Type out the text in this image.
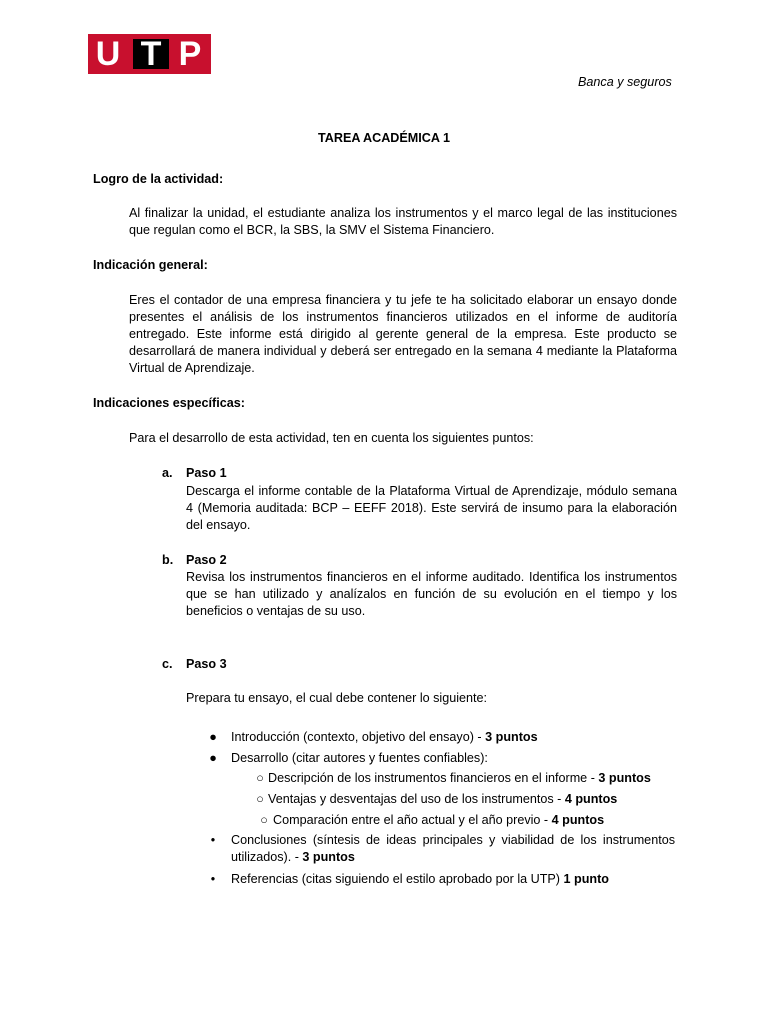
U T P
Banca y seguros
TAREA ACADÉMICA 1
Logro de la actividad:
Al finalizar la unidad, el estudiante analiza los instrumentos y el marco legal de las instituciones que regulan como el BCR, la SBS, la SMV el Sistema Financiero.
Indicación general:
Eres el contador de una empresa financiera y tu jefe te ha solicitado elaborar un ensayo donde presentes el análisis de los instrumentos financieros utilizados en el informe de auditoría entregado. Este informe está dirigido al gerente general de la empresa. Este producto se desarrollará de manera individual y deberá ser entregado en la semana 4 mediante la Plataforma Virtual de Aprendizaje.
Indicaciones específicas:
Para el desarrollo de esta actividad, ten en cuenta los siguientes puntos:
a. Paso 1
Descarga el informe contable de la Plataforma Virtual de Aprendizaje, módulo semana 4 (Memoria auditada: BCP – EEFF 2018). Este servirá de insumo para la elaboración del ensayo.
b. Paso 2
Revisa los instrumentos financieros en el informe auditado. Identifica los instrumentos que se han utilizado y analízalos en función de su evolución en el tiempo y los beneficios o ventajas de su uso.
c. Paso 3
Prepara tu ensayo, el cual debe contener lo siguiente:
● Introducción (contexto, objetivo del ensayo) - 3 puntos
● Desarrollo (citar autores y fuentes confiables):
○ Descripción de los instrumentos financieros en el informe - 3 puntos
○ Ventajas y desventajas del uso de los instrumentos - 4 puntos
○ Comparación entre el año actual y el año previo - 4 puntos
• Conclusiones (síntesis de ideas principales y viabilidad de los instrumentos utilizados). - 3 puntos
• Referencias (citas siguiendo el estilo aprobado por la UTP) 1 punto
